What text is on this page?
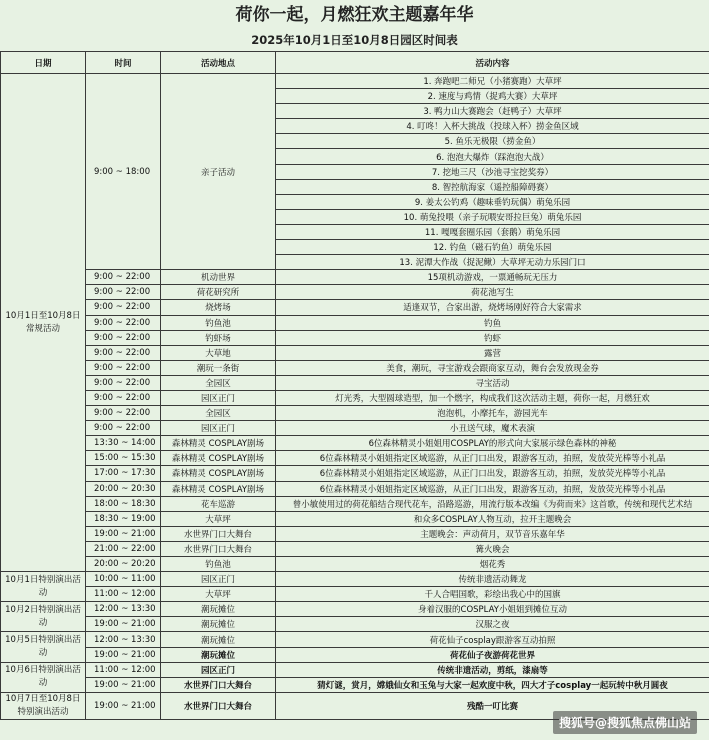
荷你一起，月燃狂欢主题嘉年华
2025年10月1日至10月8日园区时间表
日期	时间	活动地点	活动内容
10月1日至10月8日常规活动	9:00 ~ 18:00	亲子活动	1. 奔跑吧二师兄（小猪赛跑）大草坪
			2. 速度与鸡情（捉鸡大赛）大草坪
			3. 鸭力山大赛跑会（赶鸭子）大草坪
			4. 叮咚！入杯大挑战（投球入杯）捞金鱼区域
			5. 鱼乐无极限（捞金鱼）
			6. 泡泡大爆炸（踩泡泡大战）
			7. 挖地三尺（沙池寻宝挖奖券）
			8. 智控航海家（遥控船障碍赛）
			9. 姜太公钓鸡（趣味垂钓玩偶）萌兔乐园
			10. 萌兔投喂（亲子玩喂安哥拉巨兔）萌兔乐园
			11. 嘎嘎套圈乐园（套鹅）萌兔乐园
			12. 钓鱼（磁石钓鱼）萌兔乐园
			13. 泥潭大作战（捉泥鳅）大草坪无动力乐园门口
	9:00 ~ 22:00	机动世界	15项机动游戏，一票通畅玩无压力
	9:00 ~ 22:00	荷花研究所	荷花池写生
	9:00 ~ 22:00	烧烤场	适逢双节，合家出游，烧烤场刚好符合大家需求
	9:00 ~ 22:00	钓鱼池	钓鱼
	9:00 ~ 22:00	钓虾场	钓虾
	9:00 ~ 22:00	大草地	露营
	9:00 ~ 22:00	潮玩一条街	美食，潮玩，寻宝游戏会跟商家互动，舞台会发放现金券
	9:00 ~ 22:00	全园区	寻宝活动
	9:00 ~ 22:00	园区正门	灯光秀，大型圆球造型，加一个燃字，构成我们这次活动主题，荷你一起，月燃狂欢
	9:00 ~ 22:00	全园区	泡泡机，小摩托车，游园光车
	9:00 ~ 22:00	园区正门	小丑送气球，魔术表演
	13:30 ~ 14:00	森林精灵 COSPLAY剧场	6位森林精灵小姐姐用COSPLAY的形式向大家展示绿色森林的神秘
	15:00 ~ 15:30	森林精灵 COSPLAY剧场	6位森林精灵小姐姐指定区域巡游，从正门口出发，跟游客互动，拍照，发放荧光棒等小礼品
	17:00 ~ 17:30	森林精灵 COSPLAY剧场	6位森林精灵小姐姐指定区域巡游，从正门口出发，跟游客互动，拍照，发放荧光棒等小礼品
	20:00 ~ 20:30	森林精灵 COSPLAY剧场	6位森林精灵小姐姐指定区域巡游，从正门口出发，跟游客互动，拍照，发放荧光棒等小礼品
	18:00 ~ 18:30	花车巡游	曾小敏使用过的荷花船结合现代花车，沿路巡游，用流行版本改编《为荷而来》这首歌，传统和现代艺术结
	18:30 ~ 19:00	大草坪	和众多COSPLAY人物互动，拉开主题晚会
	19:00 ~ 21:00	水世界门口大舞台	主题晚会：声动荷月，双节音乐嘉年华
	21:00 ~ 22:00	水世界门口大舞台	篝火晚会
	20:00 ~ 20:20	钓鱼池	烟花秀
10月1日特别演出活动	10:00 ~ 11:00	园区正门	传统非遗活动舞龙
	11:00 ~ 12:00	大草坪	千人合唱国歌，彩绘出我心中的国旗
10月2日特别演出活动	12:00 ~ 13:30	潮玩摊位	身着汉服的COSPLAY小姐姐到摊位互动
	19:00 ~ 21:00	潮玩摊位	汉服之夜
10月5日特别演出活动	12:00 ~ 13:30	潮玩摊位	荷花仙子cosplay跟游客互动拍照
	19:00 ~ 21:00	潮玩摊位	荷花仙子夜游荷花世界
10月6日特别演出活动	11:00 ~ 12:00	园区正门	传统非遗活动，剪纸，漆扇等
	19:00 ~ 21:00	水世界门口大舞台	猜灯谜，赏月，嫦娥仙女和玉兔与大家一起欢度中秋，四大才子cosplay一起玩转中秋月圆夜
10月7日至10月8日特别演出活动	19:00 ~ 21:00	水世界门口大舞台	残酷一叮比赛
搜狐号@搜狐焦点佛山站
